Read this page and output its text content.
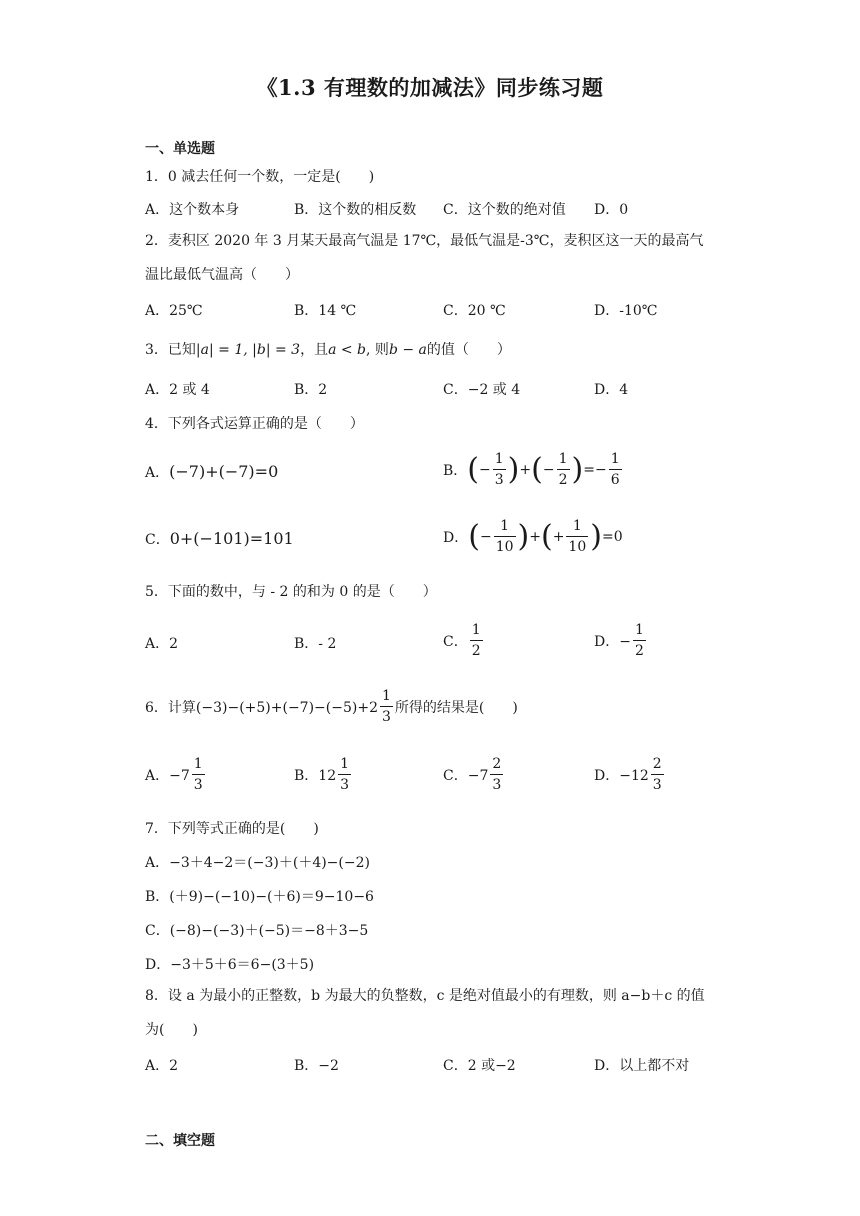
《1.3 有理数的加减法》同步练习题
一、单选题
1．0 减去任何一个数，一定是(　　)
A．这个数本身	B．这个数的相反数 C．这个数的绝对值 D．0
2．麦积区 2020 年 3 月某天最高气温是 17℃，最低气温是-3℃，麦积区这一天的最高气温比最低气温高（　　）
A．25℃	B．14 ℃	C．20 ℃	D．-10℃
3．已知|a| = 1, |b| = 3，且a < b, 则b − a的值（　　）
A．2 或 4	B．2	C．−2 或 4	D．4
4．下列各式运算正确的是（　　）
A．(−7)+(−7)=0	B． ( − $\frac{1}{3}$ ) + ( − $\frac{1}{2}$ ) =− $\frac{1}{6}$
C．0+(−101)=101	D． ( − $\frac{1}{10}$ ) + ( + $\frac{1}{10}$ ) =0
5．下面的数中，与 - 2 的和为 0 的是（　　）
A．2	B．- 2	C． $\frac{1}{2}$	D．− $\frac{1}{2}$
6．计算$(-3)-(+5)+(-7)-(-5)+2 \frac{1}{3}$ 所得的结果是(　　)
A．$-7 \frac{1}{3}$	B．$12 \frac{1}{3}$	C．$-7 \frac{2}{3}$	D．$-12 \frac{2}{3}$
7．下列等式正确的是(　　)
A．−3＋4−2＝(−3)＋(＋4)−(−2)
B．(＋9)−(−10)−(＋6)＝9−10−6
C．(−8)−(−3)＋(−5)＝−8＋3−5
D．−3＋5＋6＝6−(3＋5)
8．设 a 为最小的正整数，b 为最大的负整数，c 是绝对值最小的有理数，则 a−b＋c 的值为(　　)
A．2	B．−2	C．2 或−2	D．以上都不对
二、填空题
